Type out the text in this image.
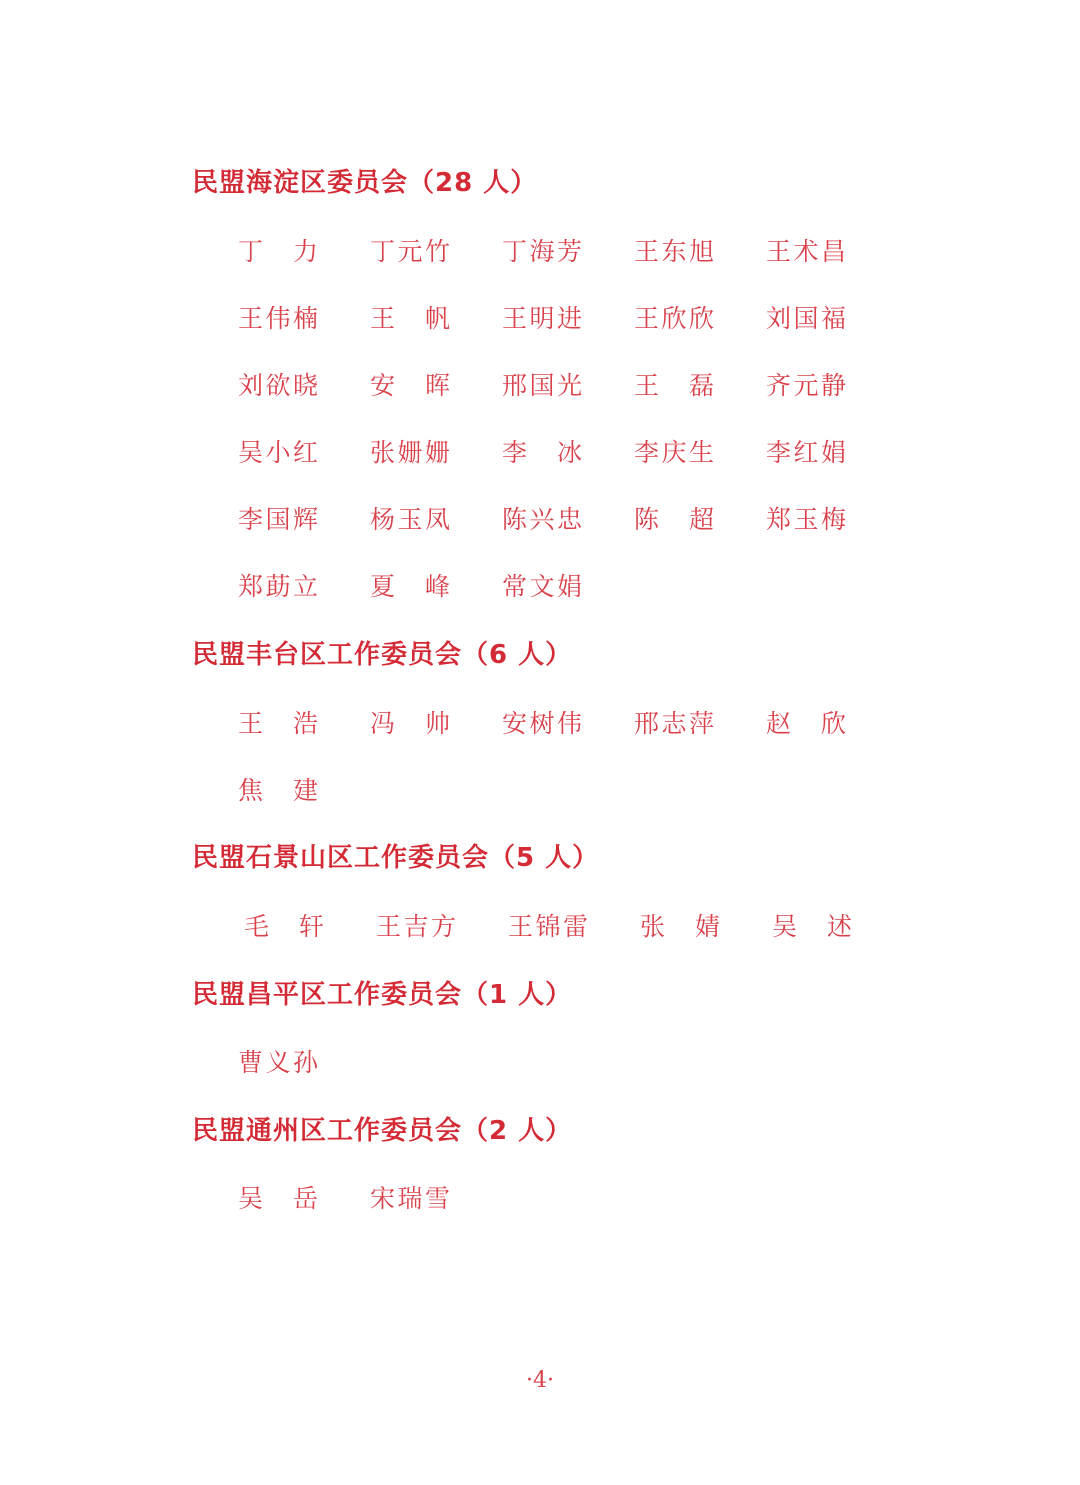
民盟海淀区委员会（28 人）
民盟丰台区工作委员会（6 人）
民盟石景山区工作委员会（5 人）
民盟昌平区工作委员会（1 人）
民盟通州区工作委员会（2 人）
丁　力 丁元竹 丁海芳 王东旭 王术昌
王伟楠 王　帆 王明进 王欣欣 刘国福
刘欲晓 安　晖 邢国光 王　磊 齐元静
吴小红 张姗姗 李　冰 李庆生 李红娟
李国辉 杨玉凤 陈兴忠 陈　超 郑玉梅
郑莇立 夏　峰 常文娟
王　浩 冯　帅 安树伟 邢志萍 赵　欣
焦　建
毛　轩 王吉方 王锦雷 张　婧 吴　述
曹义孙
吴　岳 宋瑞雪
·4·
